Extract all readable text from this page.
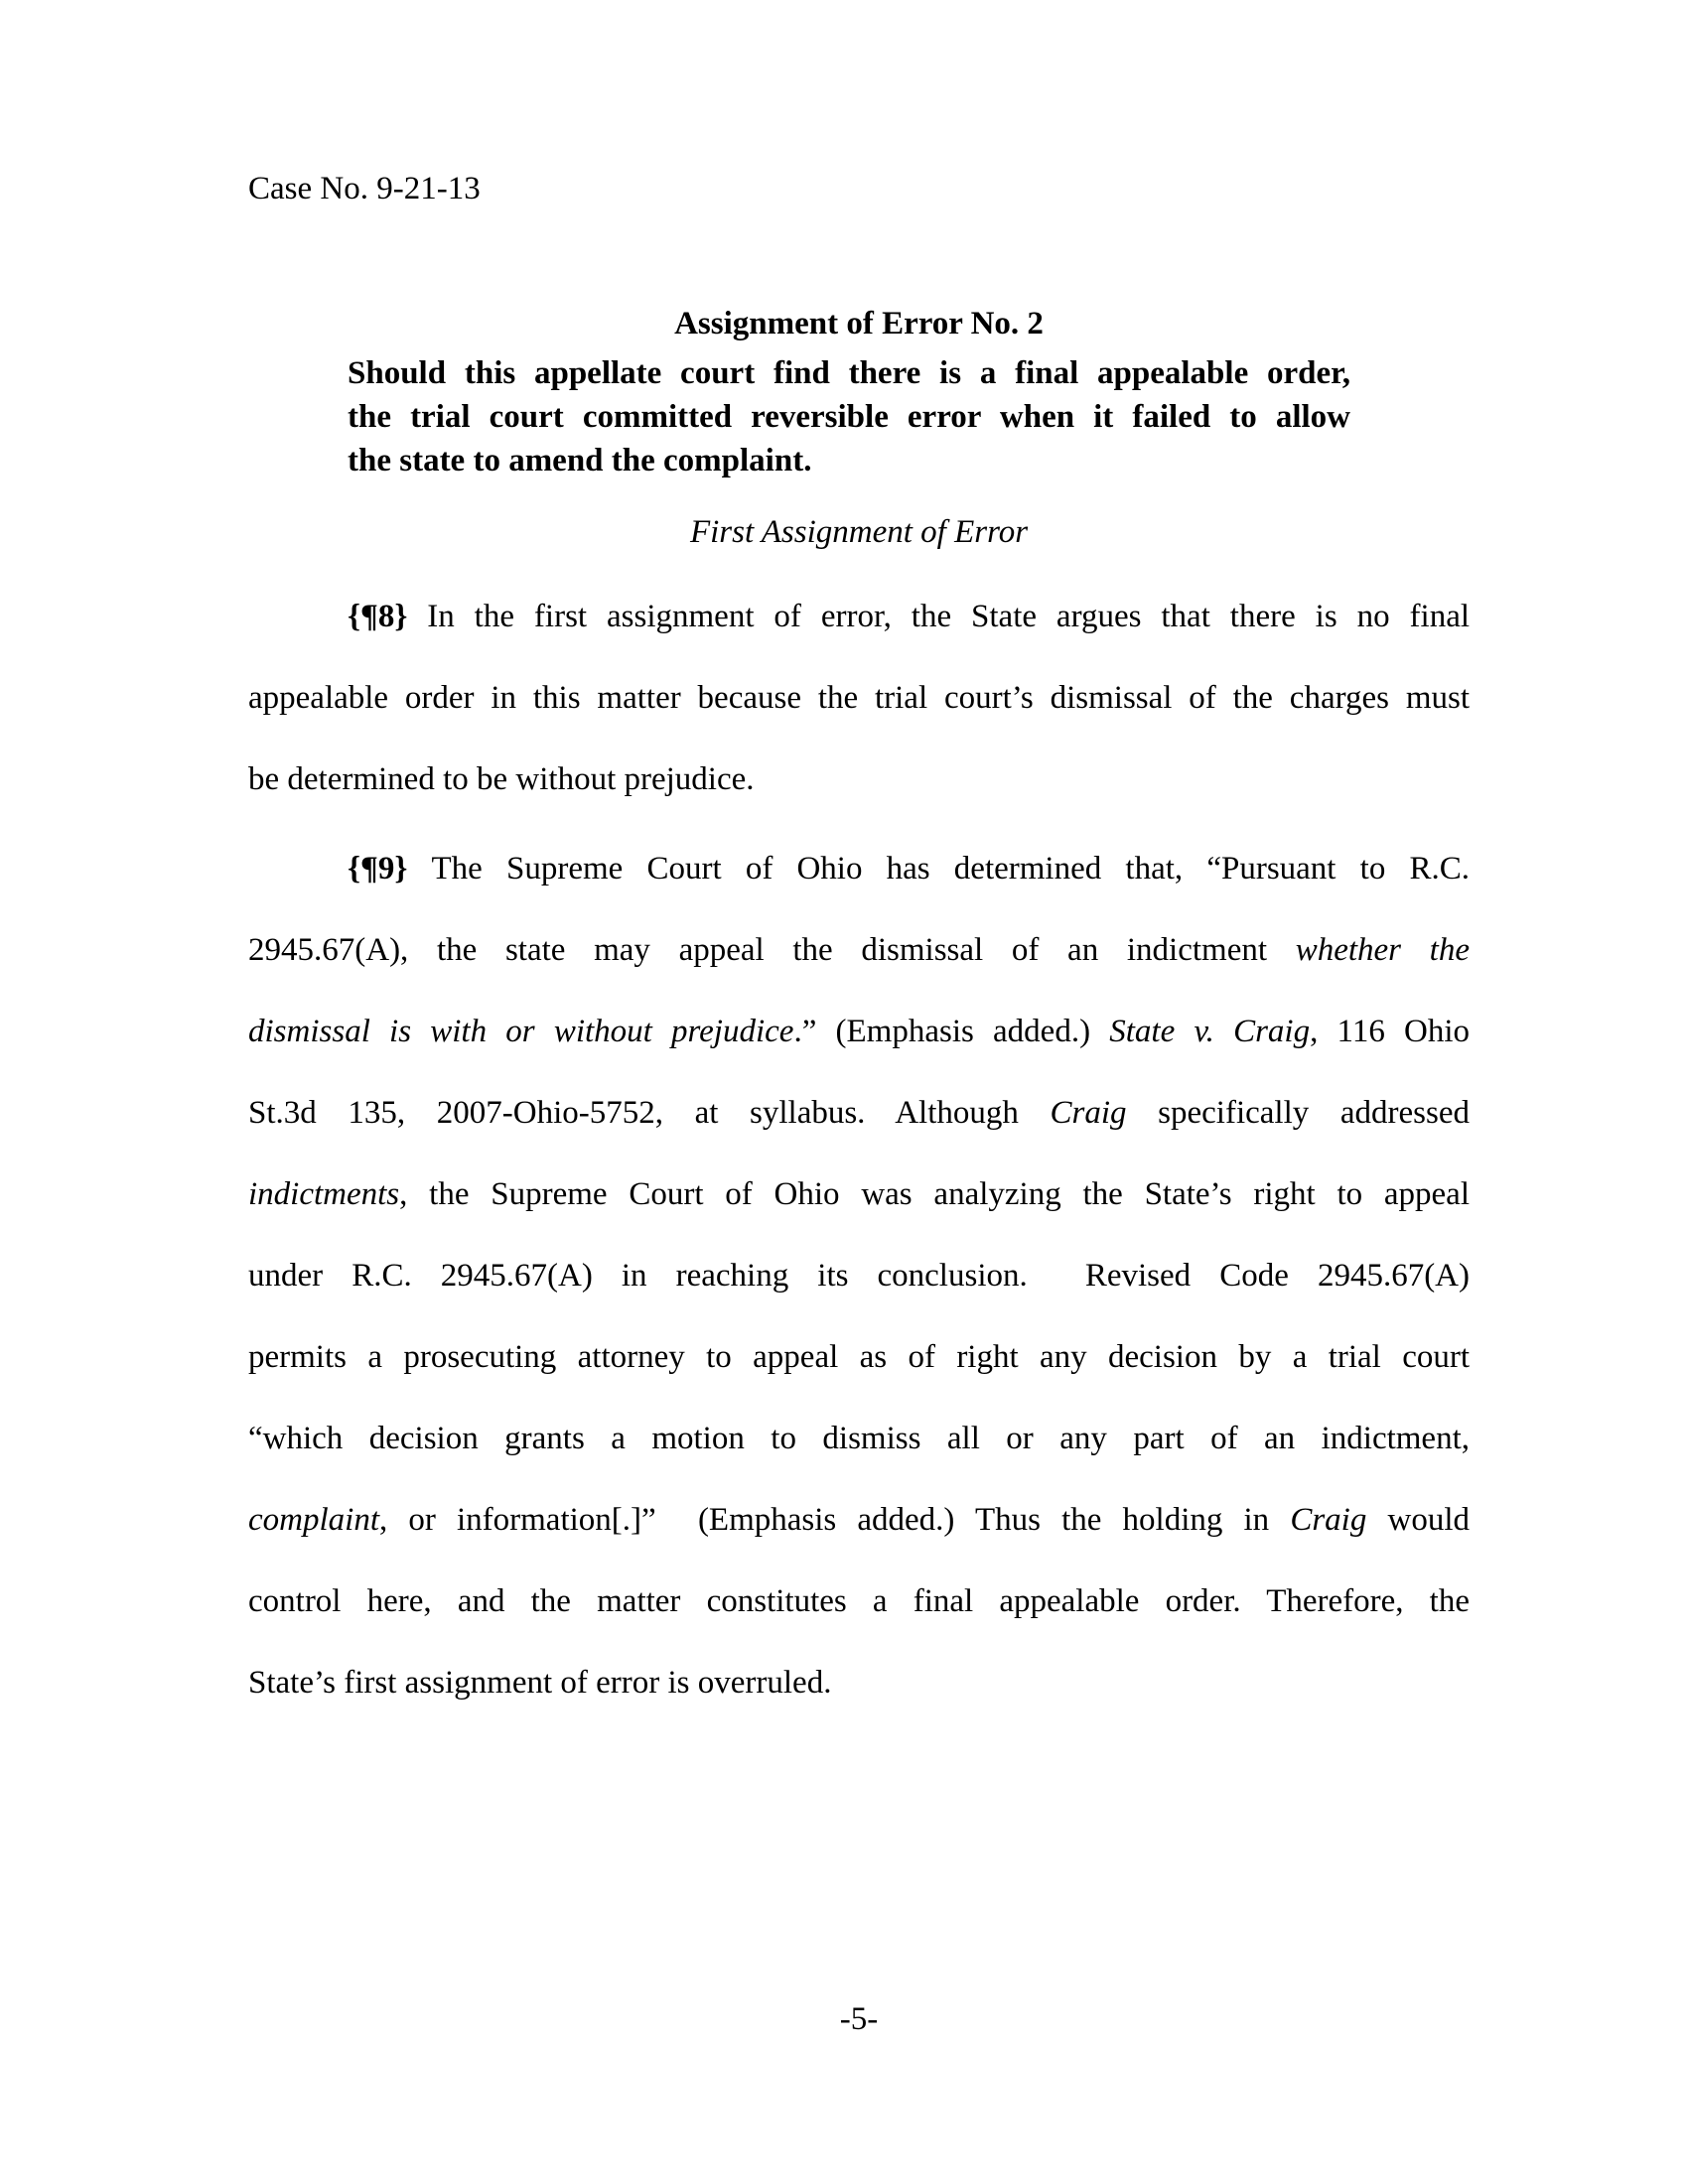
Case No. 9-21-13
Assignment of Error No. 2
Should this appellate court find there is a final appealable order,
the trial court committed reversible error when it failed to allow
the state to amend the complaint.
First Assignment of Error
{¶8} In the first assignment of error, the State argues that there is no final
appealable order in this matter because the trial court’s dismissal of the charges must
be determined to be without prejudice.
{¶9} The Supreme Court of Ohio has determined that, “Pursuant to R.C.
2945.67(A), the state may appeal the dismissal of an indictment whether the
dismissal is with or without prejudice.” (Emphasis added.) State v. Craig, 116 Ohio
St.3d 135, 2007-Ohio-5752, at syllabus. Although Craig specifically addressed
indictments, the Supreme Court of Ohio was analyzing the State’s right to appeal
under R.C. 2945.67(A) in reaching its conclusion.  Revised Code 2945.67(A)
permits a prosecuting attorney to appeal as of right any decision by a trial court
“which decision grants a motion to dismiss all or any part of an indictment,
complaint, or information[.]”  (Emphasis added.) Thus the holding in Craig would
control here, and the matter constitutes a final appealable order. Therefore, the
State’s first assignment of error is overruled.
-5-
